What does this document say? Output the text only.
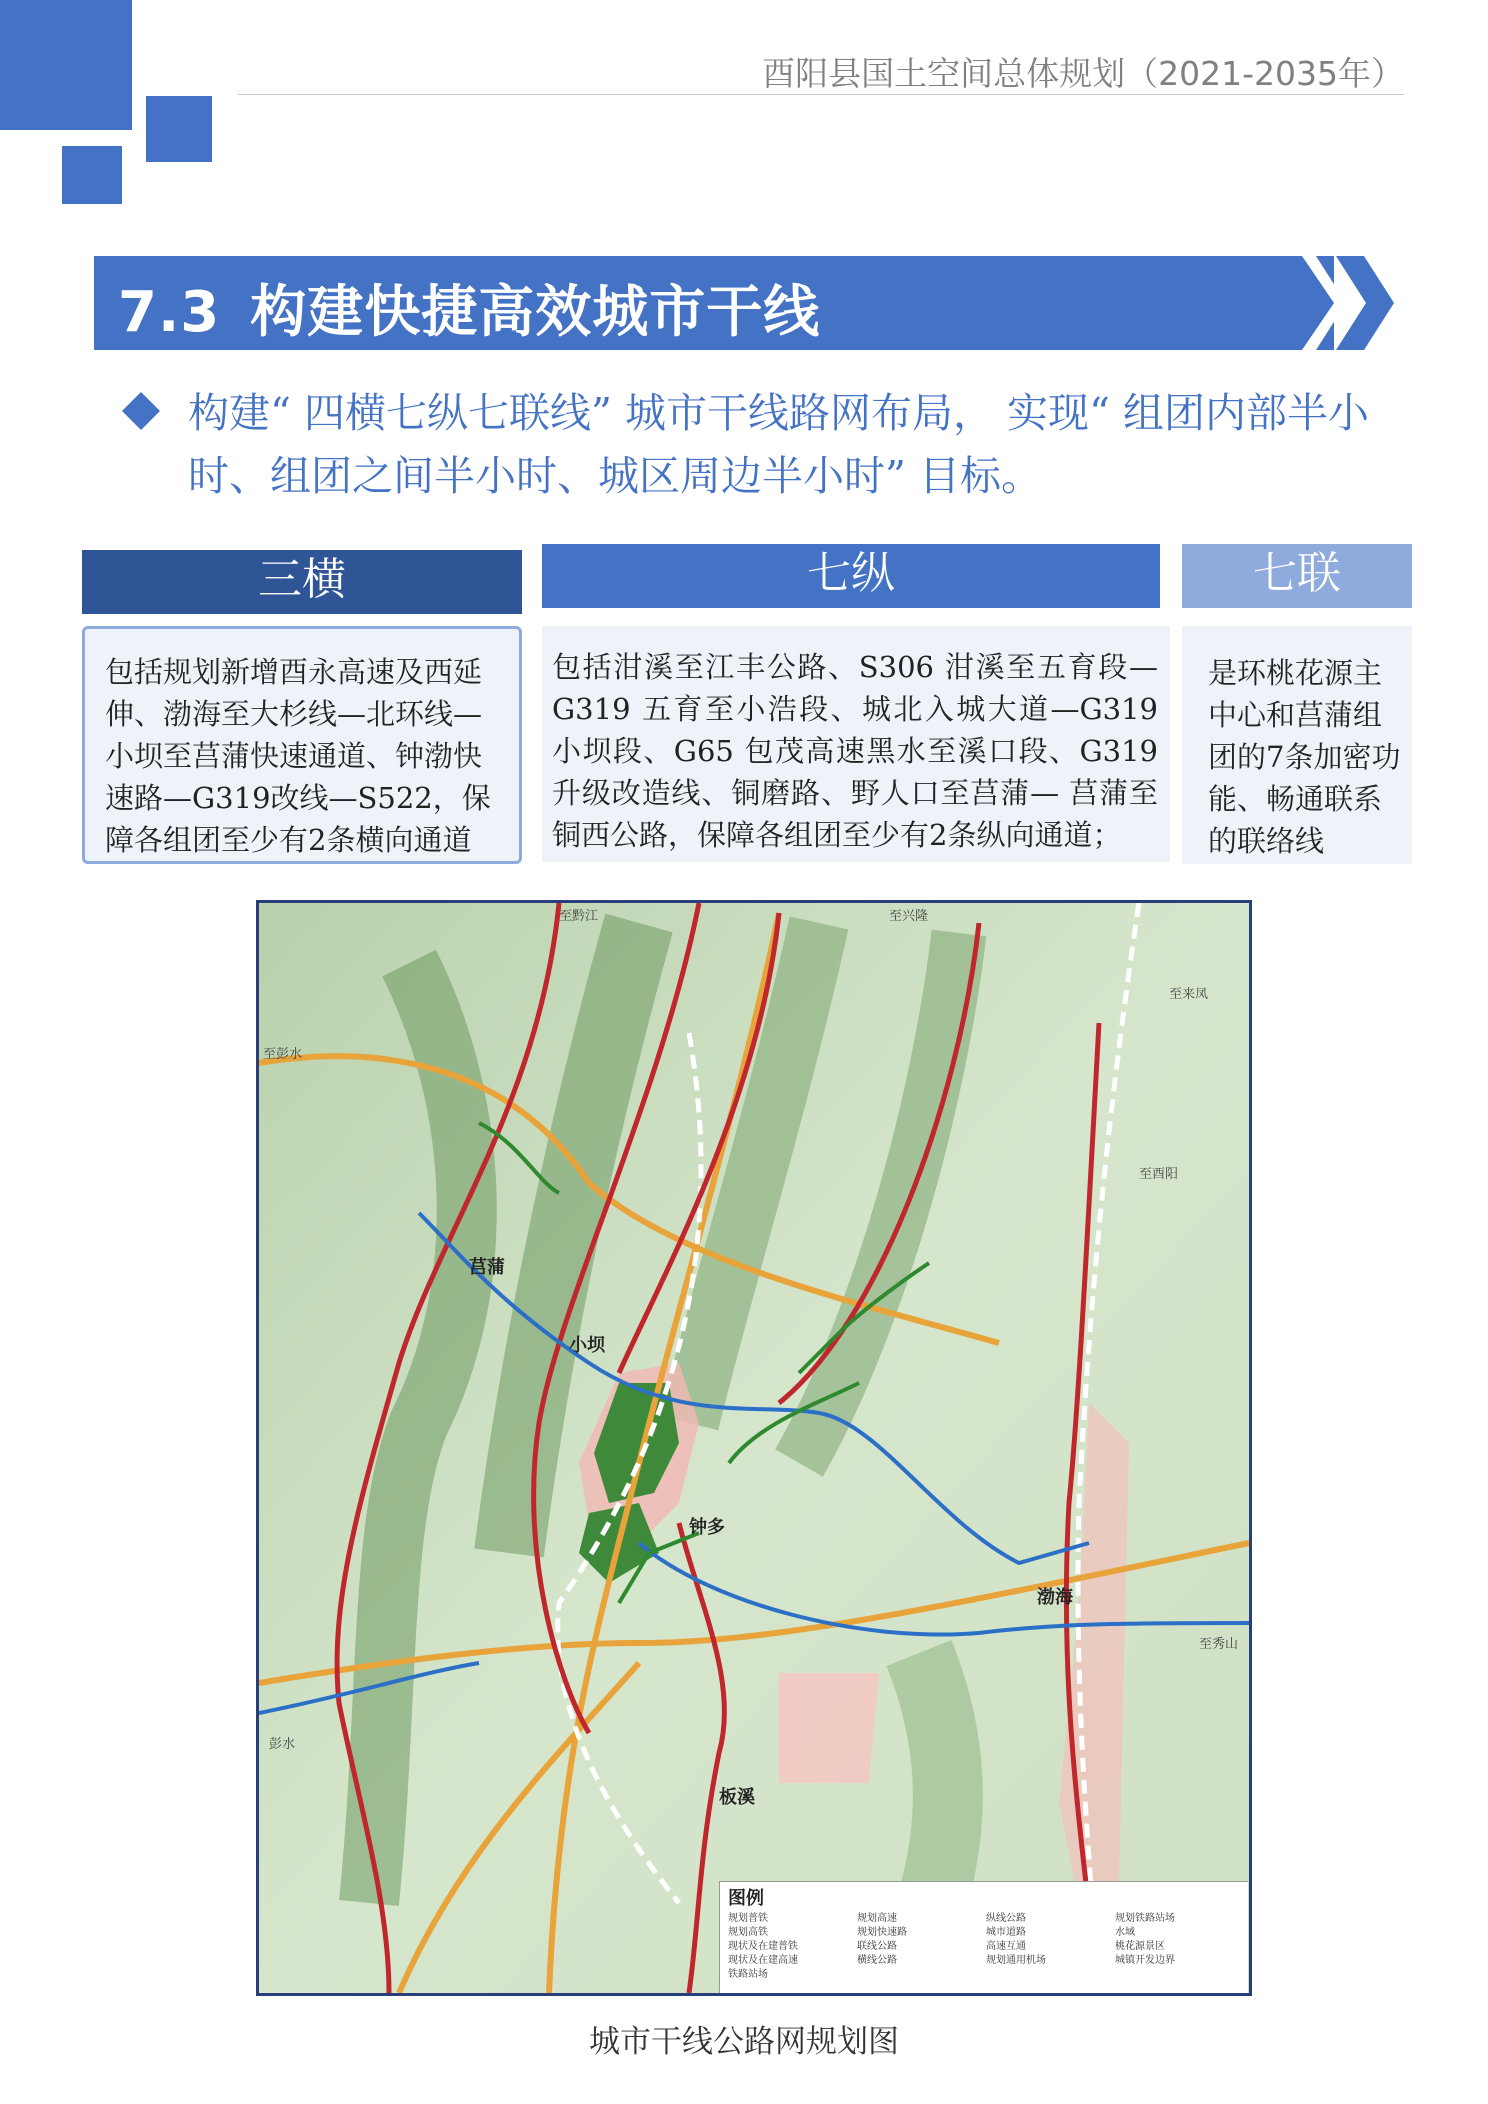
酉阳县国土空间总体规划（2021-2035年）
7.3 构建快捷高效城市干线
构建“ 四横七纵七联线” 城市干线路网布局， 实现“ 组团内部半小时、组团之间半小时、城区周边半小时” 目标。
三横	七纵	七联
包括规划新增酉永高速及西延伸、渤海至大杉线—北环线—小坝至莒蒲快速通道、钟渤快速路—G319改线—S522，保障各组团至少有2条横向通道
包括泔溪至江丰公路、S306 泔溪至五育段—G319 五育至小浩段、城北入城大道—G319 小坝段、G65 包茂高速黑水至溪口段、G319 升级改造线、铜磨路、野人口至莒蒲— 莒蒲至铜西公路，保障各组团至少有2条纵向通道；
是环桃花源主中心和莒蒲组团的7条加密功能、畅通联系的联络线
至黔江	至兴隆
至彭水
至来凤
至酉阳
莒蒲
小坝
钟多
渤海
板溪
至秀山
彭水
图例
规划普铁	规划高速	纵线公路	规划铁路站场
规划高铁	规划快速路	城市道路	水域
现状及在建普铁	联线公路	高速互通	桃花源景区
现状及在建高速	横线公路	规划通用机场	城镇开发边界
铁路站场
城市干线公路网规划图
